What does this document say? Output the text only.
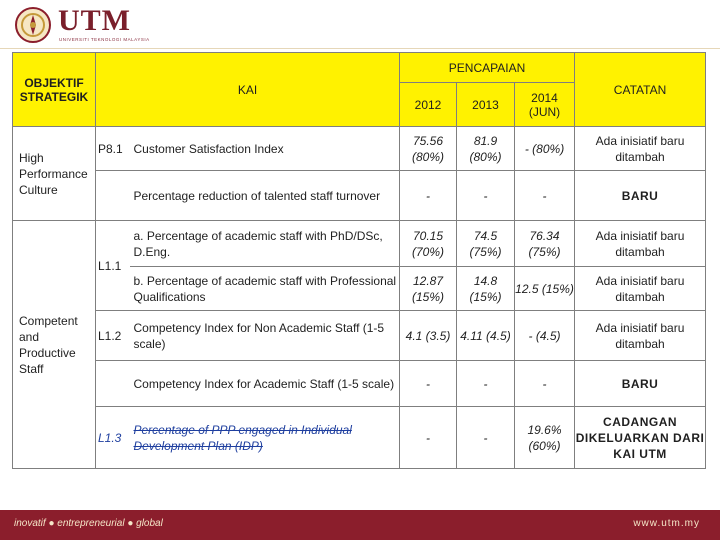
UTM
UNIVERSITI TEKNOLOGI MALAYSIA
OBJEKTIF STRATEGIK	KAI		PENCAPAIAN			CATATAN
			2012	2013	2014 (JUN)	
High Performance Culture	P8.1	Customer Satisfaction Index	75.56 (80%)	81.9 (80%)	- (80%)	Ada inisiatif baru ditambah
		Percentage reduction of talented staff turnover	-	-	-	BARU
Competent and Productive Staff	L1.1	a. Percentage of academic staff with PhD/DSc, D.Eng.	70.15 (70%)	74.5 (75%)	76.34 (75%)	Ada inisiatif baru ditambah
		b. Percentage of academic staff with Professional Qualifications	12.87 (15%)	14.8 (15%)	12.5 (15%)	Ada inisiatif baru ditambah
	L1.2	Competency Index for Non Academic Staff (1-5 scale)	4.1 (3.5)	4.11 (4.5)	- (4.5)	Ada inisiatif baru ditambah
		Competency Index for Academic Staff (1-5 scale)	-	-	-	BARU
	L1.3	Percentage of PPP engaged in Individual Development Plan (IDP)	-	-	19.6% (60%)	CADANGAN DIKELUARKAN DARI KAI UTM
inovatif ● entrepreneurial ● global	www.utm.my
